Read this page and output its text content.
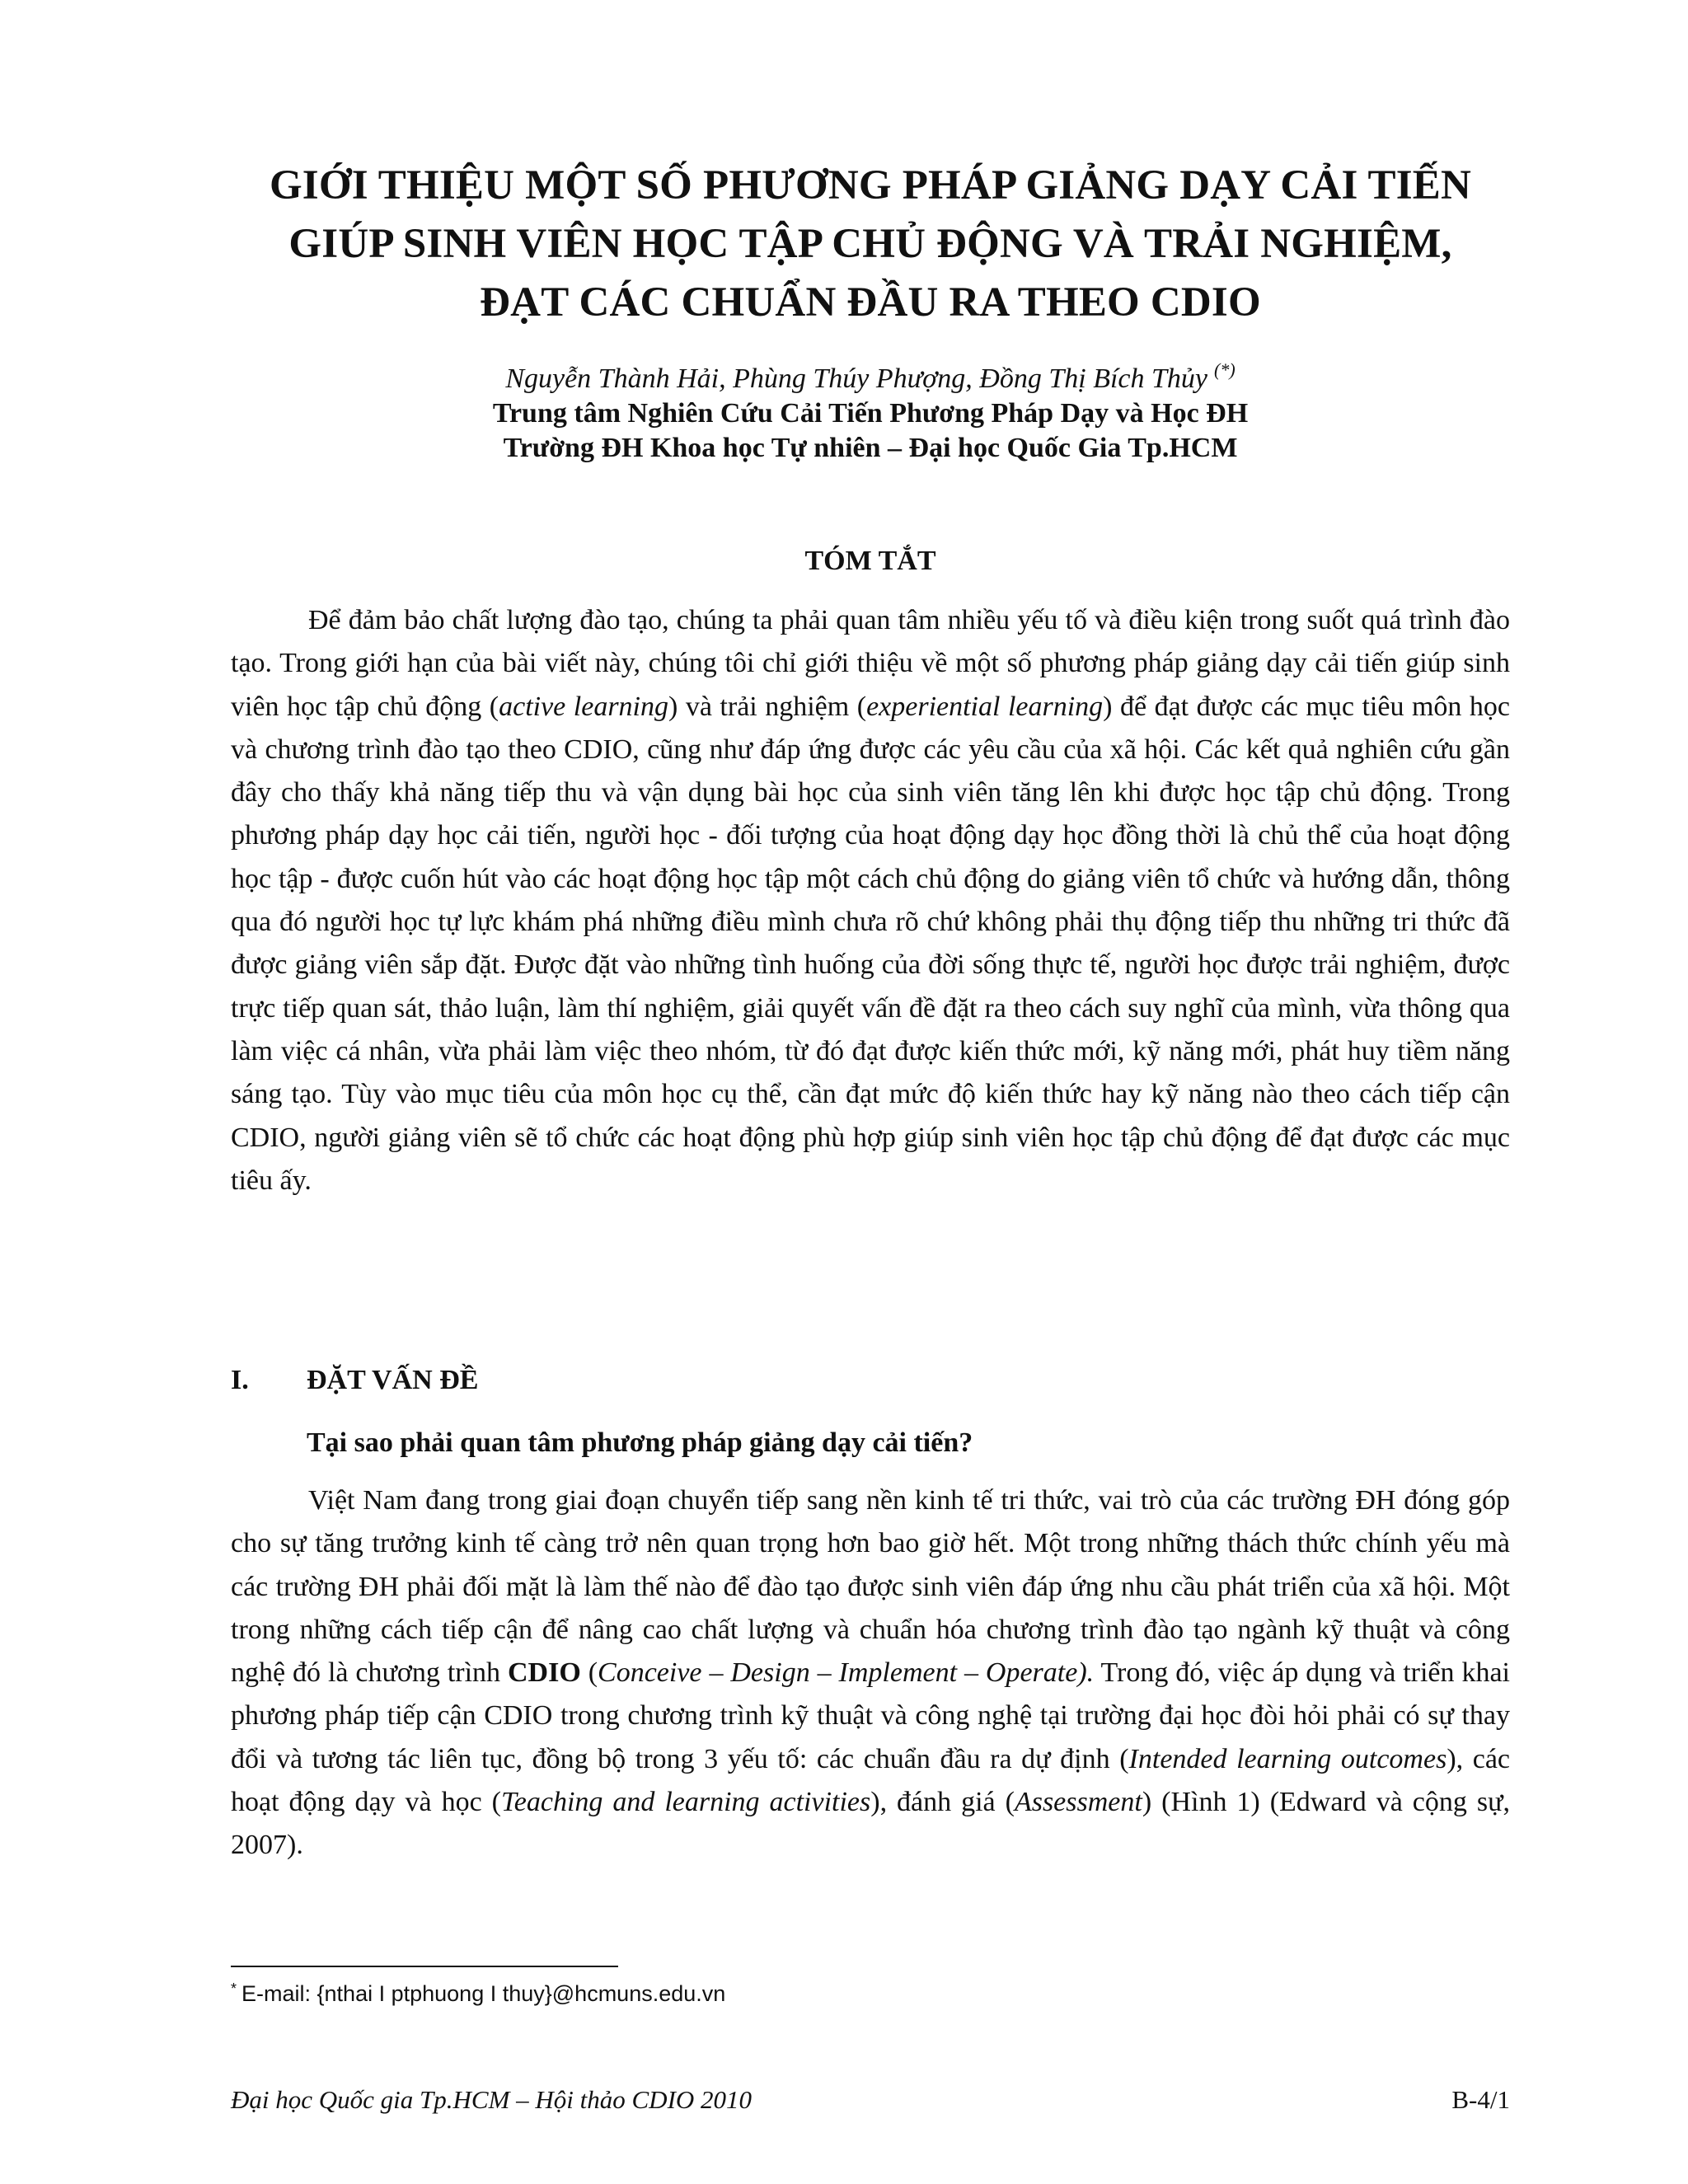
GIỚI THIỆU MỘT SỐ PHƯƠNG PHÁP GIẢNG DẠY CẢI TIẾN
GIÚP SINH VIÊN HỌC TẬP CHỦ ĐỘNG VÀ TRẢI NGHIỆM,
ĐẠT CÁC CHUẨN ĐẦU RA THEO CDIO
Nguyễn Thành Hải, Phùng Thúy Phượng, Đồng Thị Bích Thủy (*)
Trung tâm Nghiên Cứu Cải Tiến Phương Pháp Dạy và Học ĐH
Trường ĐH Khoa học Tự nhiên – Đại học Quốc Gia Tp.HCM
TÓM TẮT

Để đảm bảo chất lượng đào tạo, chúng ta phải quan tâm nhiều yếu tố và điều kiện trong suốt quá trình đào tạo. Trong giới hạn của bài viết này, chúng tôi chỉ giới thiệu về một số phương pháp giảng dạy cải tiến giúp sinh viên học tập chủ động (active learning) và trải nghiệm (experiential learning) để đạt được các mục tiêu môn học và chương trình đào tạo theo CDIO, cũng như đáp ứng được các yêu cầu của xã hội. Các kết quả nghiên cứu gần đây cho thấy khả năng tiếp thu và vận dụng bài học của sinh viên tăng lên khi được học tập chủ động. Trong phương pháp dạy học cải tiến, người học - đối tượng của hoạt động dạy học đồng thời là chủ thể của hoạt động học tập - được cuốn hút vào các hoạt động học tập một cách chủ động do giảng viên tổ chức và hướng dẫn, thông qua đó người học tự lực khám phá những điều mình chưa rõ chứ không phải thụ động tiếp thu những tri thức đã được giảng viên sắp đặt. Được đặt vào những tình huống của đời sống thực tế, người học được trải nghiệm, được trực tiếp quan sát, thảo luận, làm thí nghiệm, giải quyết vấn đề đặt ra theo cách suy nghĩ của mình, vừa thông qua làm việc cá nhân, vừa phải làm việc theo nhóm, từ đó đạt được kiến thức mới, kỹ năng mới, phát huy tiềm năng sáng tạo. Tùy vào mục tiêu của môn học cụ thể, cần đạt mức độ kiến thức hay kỹ năng nào theo cách tiếp cận CDIO, người giảng viên sẽ tổ chức các hoạt động phù hợp giúp sinh viên học tập chủ động để đạt được các mục tiêu ấy.

I. ĐẶT VẤN ĐỀ
Tại sao phải quan tâm phương pháp giảng dạy cải tiến?

Việt Nam đang trong giai đoạn chuyển tiếp sang nền kinh tế tri thức, vai trò của các trường ĐH đóng góp cho sự tăng trưởng kinh tế càng trở nên quan trọng hơn bao giờ hết. Một trong những thách thức chính yếu mà các trường ĐH phải đối mặt là làm thế nào để đào tạo được sinh viên đáp ứng nhu cầu phát triển của xã hội. Một trong những cách tiếp cận để nâng cao chất lượng và chuẩn hóa chương trình đào tạo ngành kỹ thuật và công nghệ đó là chương trình CDIO (Conceive – Design – Implement – Operate). Trong đó, việc áp dụng và triển khai phương pháp tiếp cận CDIO trong chương trình kỹ thuật và công nghệ tại trường đại học đòi hỏi phải có sự thay đổi và tương tác liên tục, đồng bộ trong 3 yếu tố: các chuẩn đầu ra dự định (Intended learning outcomes), các hoạt động dạy và học (Teaching and learning activities), đánh giá (Assessment) (Hình 1) (Edward và cộng sự, 2007).

* E-mail: {nthai I ptphuong I thuy}@hcmuns.edu.vn
Đại học Quốc gia Tp.HCM – Hội thảo CDIO 2010	B-4/1
